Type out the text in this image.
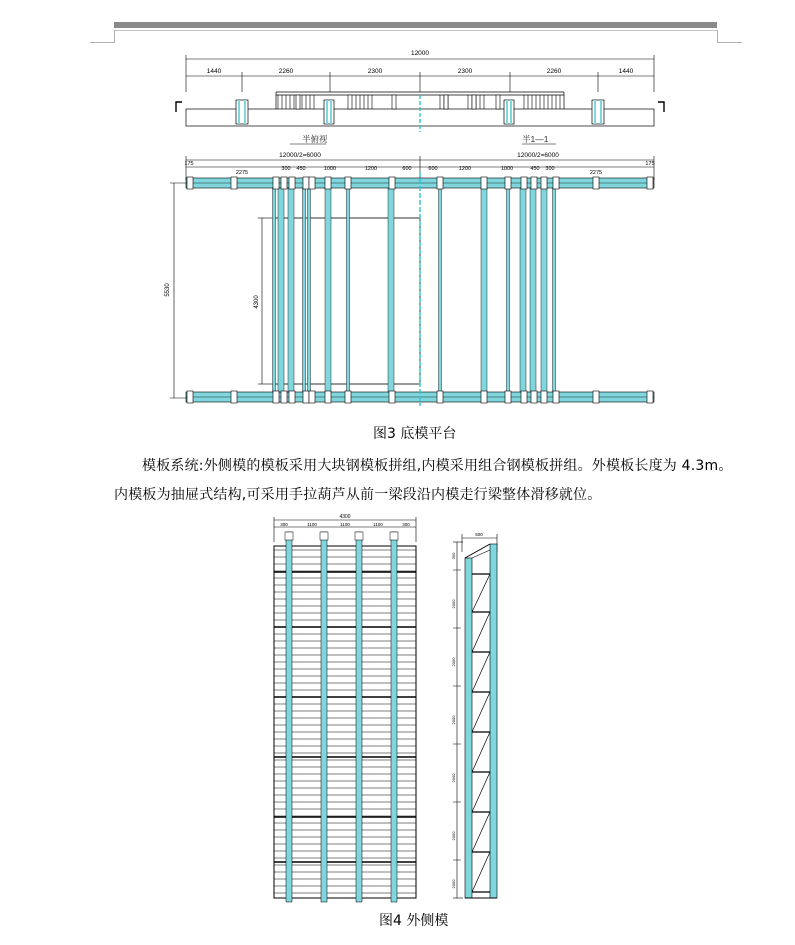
12000
1440	2260	2300	2300	2260	1440
半俯视	半1—1
12000/2=6000	12000/2=6000
175
2275
300 450	1000	1200	600	600	1200	1000	450 300
2275
175
5530
4300
图3 底模平台
模板系统:外侧模的模板采用大块钢模板拼组,内模采用组合钢模板拼组。外模板长度为 4.3m。
内模板为抽屉式结构,可采用手拉葫芦从前一梁段沿内模走行梁整体滑移就位。
4300
300	1100	1100	1100	300
500
350
2000
2000
2000
2000
2000
2000
图4 外侧模
